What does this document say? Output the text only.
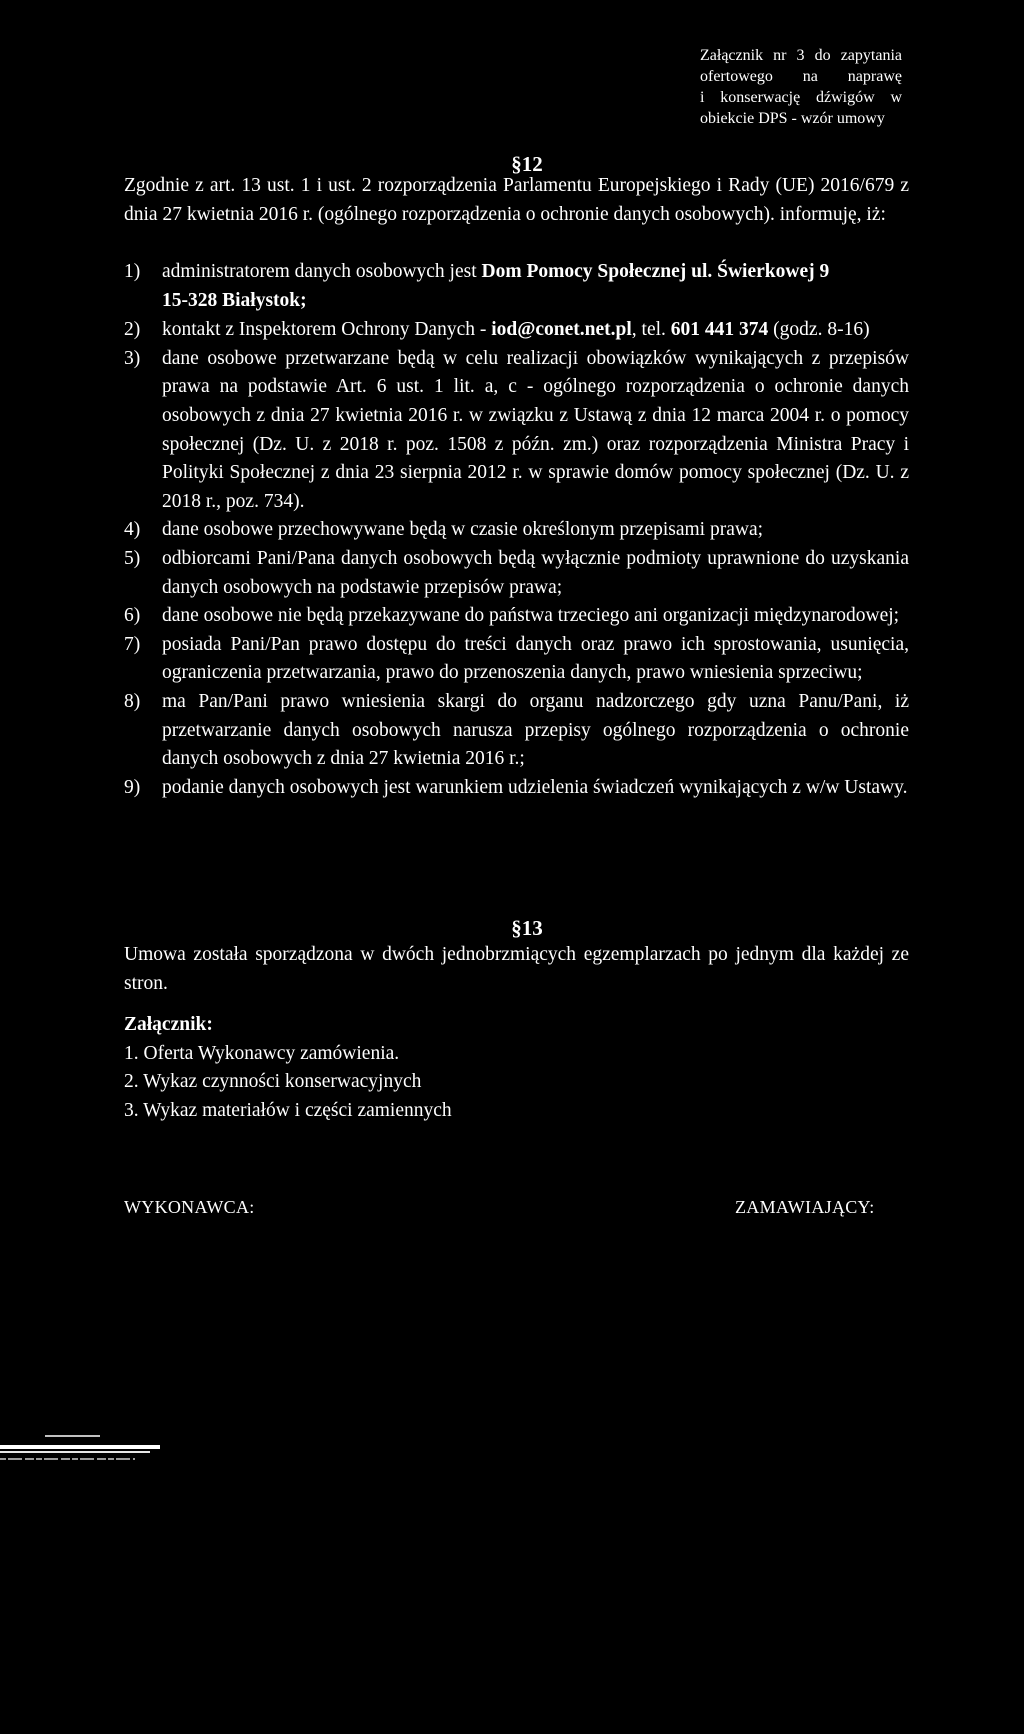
Załącznik nr 3 do zapytania
ofertowego na naprawę
i konserwację dźwigów w
obiekcie DPS - wzór umowy
§12
Zgodnie z art. 13 ust. 1 i ust. 2 rozporządzenia Parlamentu Europejskiego i Rady (UE) 2016/679 z dnia 27 kwietnia 2016 r. (ogólnego rozporządzenia o ochronie danych osobowych). informuję, iż:
1) administratorem danych osobowych jest Dom Pomocy Społecznej ul. Świerkowej 9
15-328 Białystok;
2) kontakt z Inspektorem Ochrony Danych - iod@conet.net.pl, tel. 601 441 374 (godz. 8-16)
3) dane osobowe przetwarzane będą w celu realizacji obowiązków wynikających z przepisów prawa na podstawie Art. 6 ust. 1 lit. a, c - ogólnego rozporządzenia o ochronie danych osobowych z dnia 27 kwietnia 2016 r. w związku z Ustawą z dnia 12 marca 2004 r. o pomocy społecznej (Dz. U. z 2018 r. poz. 1508 z późn. zm.) oraz rozporządzenia Ministra Pracy i Polityki Społecznej z dnia 23 sierpnia 2012 r. w sprawie domów pomocy społecznej (Dz. U. z 2018 r., poz. 734).
4) dane osobowe przechowywane będą w czasie określonym przepisami prawa;
5) odbiorcami Pani/Pana danych osobowych będą wyłącznie podmioty uprawnione do uzyskania danych osobowych na podstawie przepisów prawa;
6) dane osobowe nie będą przekazywane do państwa trzeciego ani organizacji międzynarodowej;
7) posiada Pani/Pan prawo dostępu do treści danych oraz prawo ich sprostowania, usunięcia, ograniczenia przetwarzania, prawo do przenoszenia danych, prawo wniesienia sprzeciwu;
8) ma Pan/Pani prawo wniesienia skargi do organu nadzorczego gdy uzna Panu/Pani, iż przetwarzanie danych osobowych narusza przepisy ogólnego rozporządzenia o ochronie danych osobowych z dnia 27 kwietnia 2016 r.;
9) podanie danych osobowych jest warunkiem udzielenia świadczeń wynikających z w/w Ustawy.
§13
Umowa została sporządzona w dwóch jednobrzmiących egzemplarzach po jednym dla każdej ze stron.
Załącznik:
1. Oferta Wykonawcy zamówienia.
2. Wykaz czynności konserwacyjnych
3. Wykaz materiałów i części zamiennych
WYKONAWCA:	ZAMAWIAJĄCY:
